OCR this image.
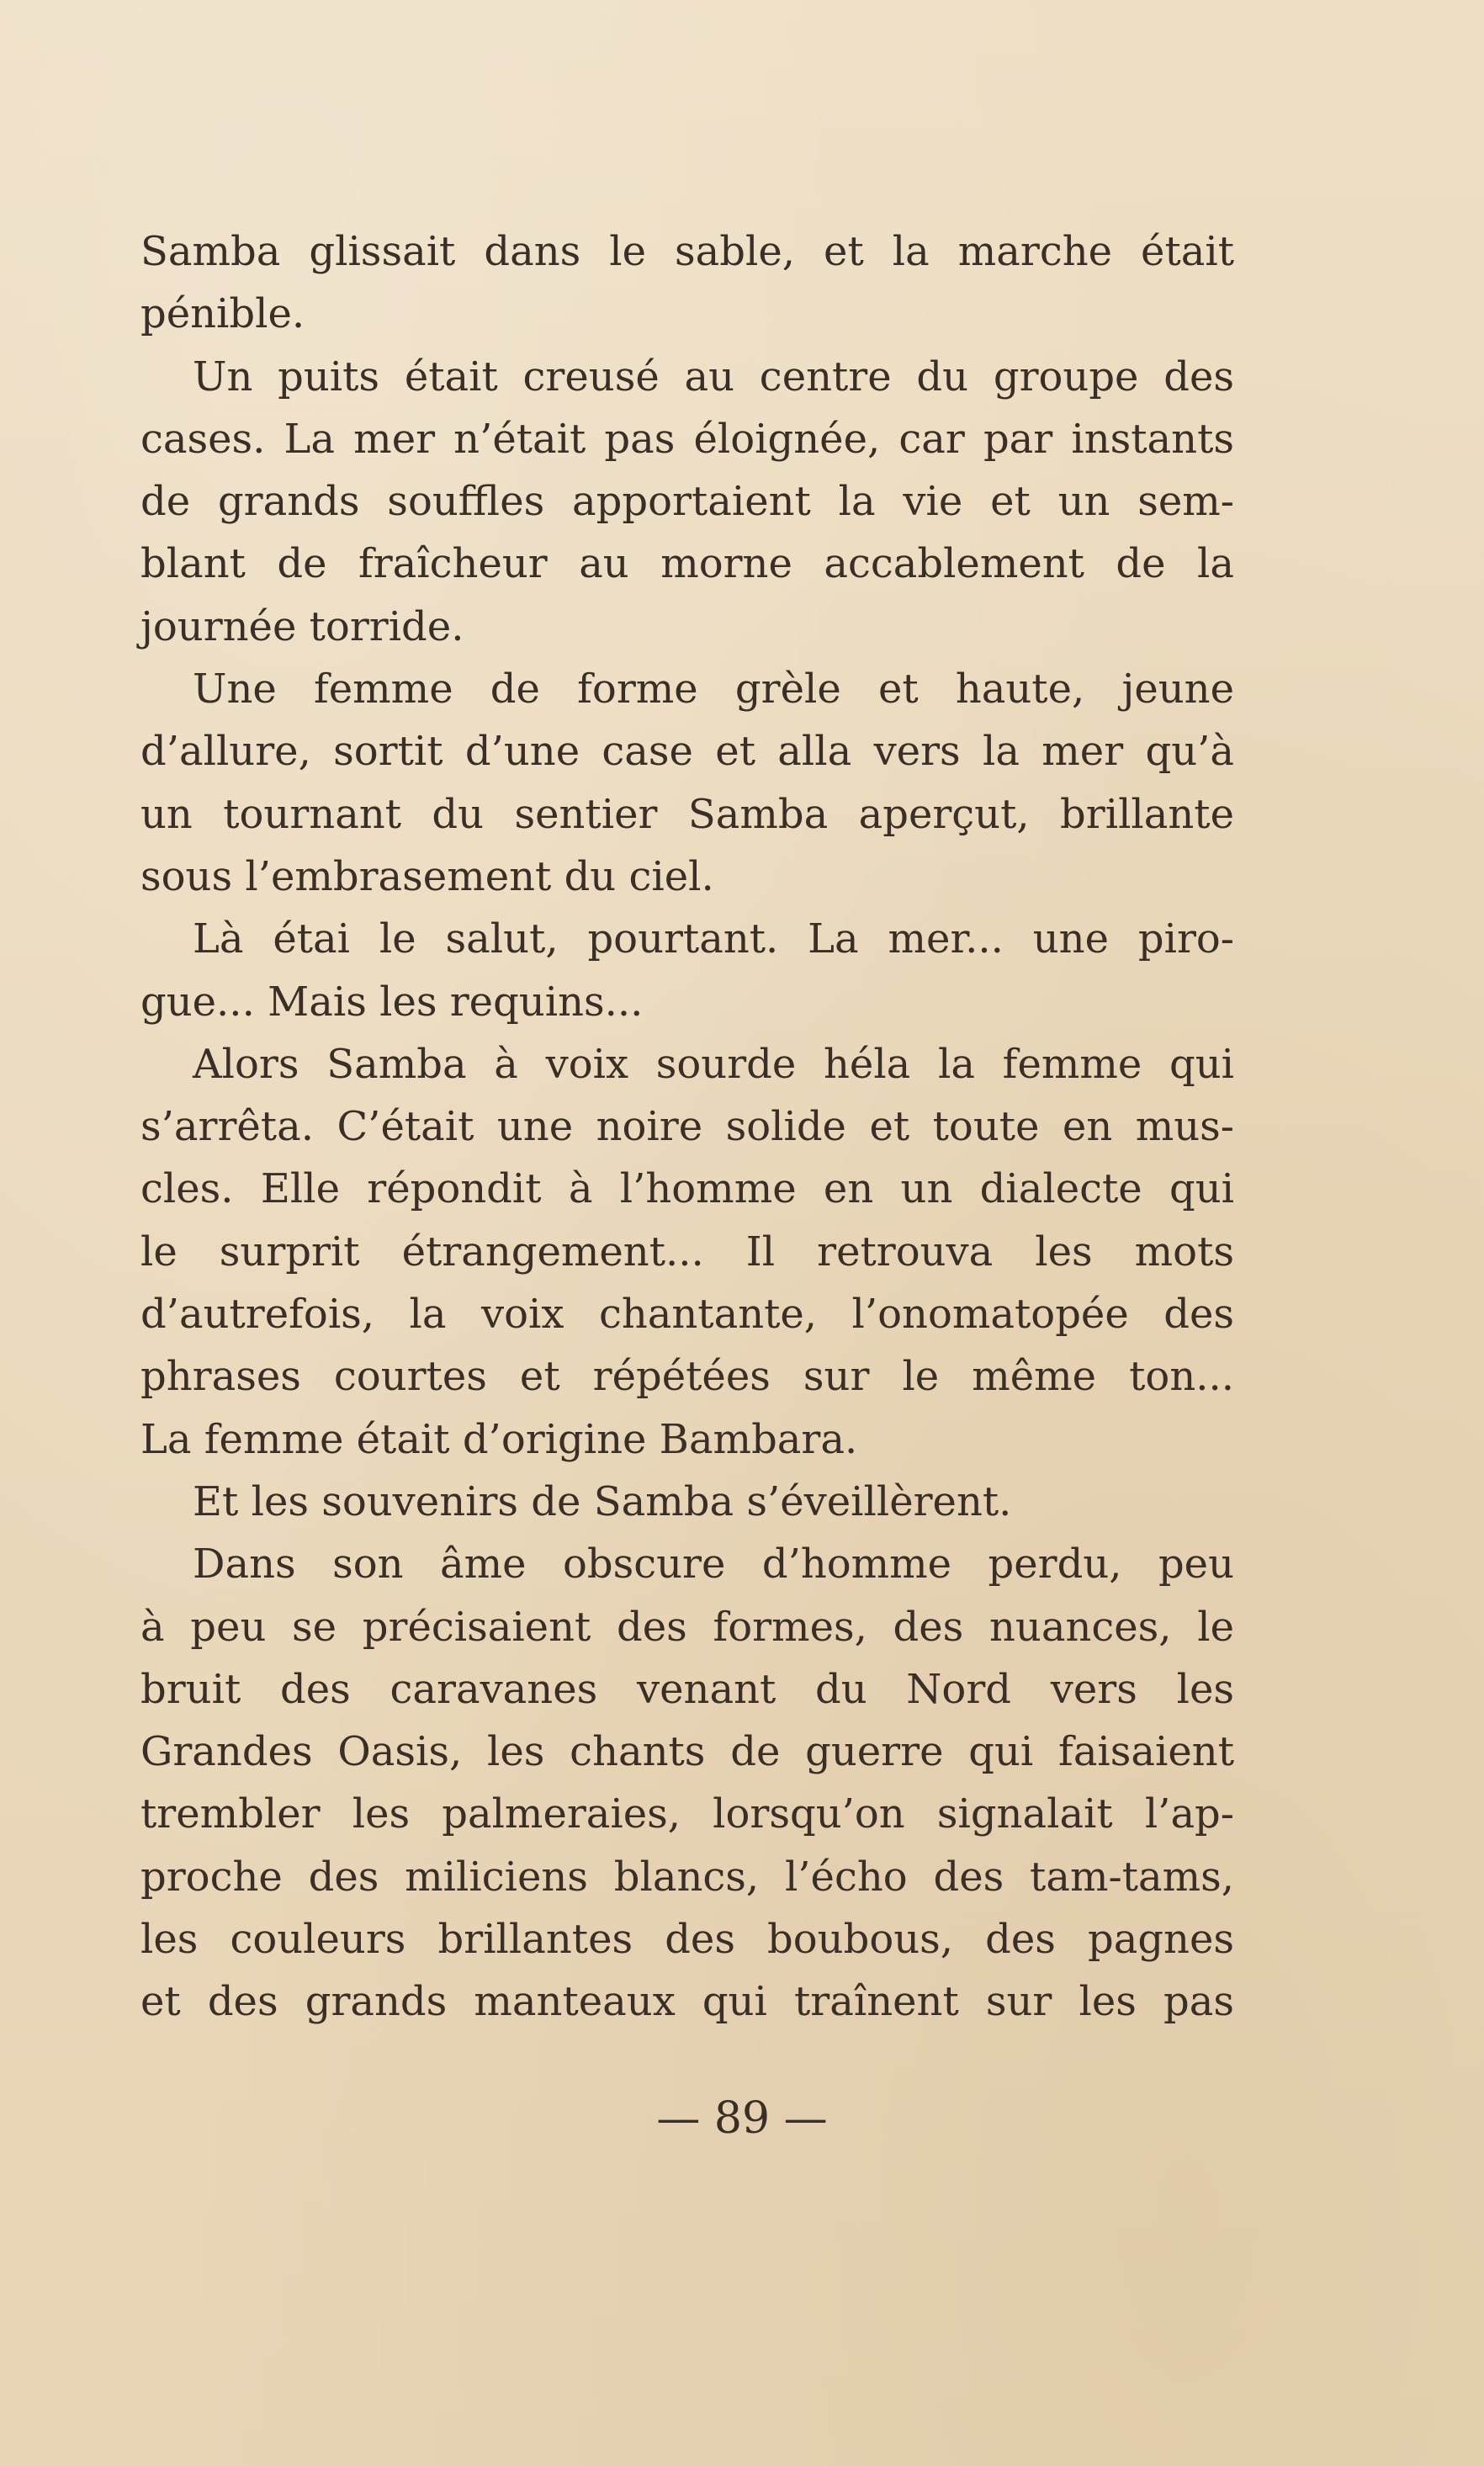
Samba glissait dans le sable, et la marche était

pénible.

Un puits était creusé au centre du groupe des

cases. La mer n’était pas éloignée, car par instants

de grands souffles apportaient la vie et un sem-

blant de fraîcheur au morne accablement de la

journée torride.

Une femme de forme grèle et haute, jeune

d’allure, sortit d’une case et alla vers la mer qu’à

un tournant du sentier Samba aperçut, brillante

sous l’embrasement du ciel.

Là étai le salut, pourtant. La mer... une piro-

gue... Mais les requins...

Alors Samba à voix sourde héla la femme qui

s’arrêta. C’était une noire solide et toute en mus-

cles. Elle répondit à l’homme en un dialecte qui

le surprit étrangement... Il retrouva les mots

d’autrefois, la voix chantante, l’onomatopée des

phrases courtes et répétées sur le même ton...

La femme était d’origine Bambara.

Et les souvenirs de Samba s’éveillèrent.

Dans son âme obscure d’homme perdu, peu

à peu se précisaient des formes, des nuances, le

bruit des caravanes venant du Nord vers les

Grandes Oasis, les chants de guerre qui faisaient

trembler les palmeraies, lorsqu’on signalait l’ap-

proche des miliciens blancs, l’écho des tam-tams,

les couleurs brillantes des boubous, des pagnes

et des grands manteaux qui traînent sur les pas

— 89 —
